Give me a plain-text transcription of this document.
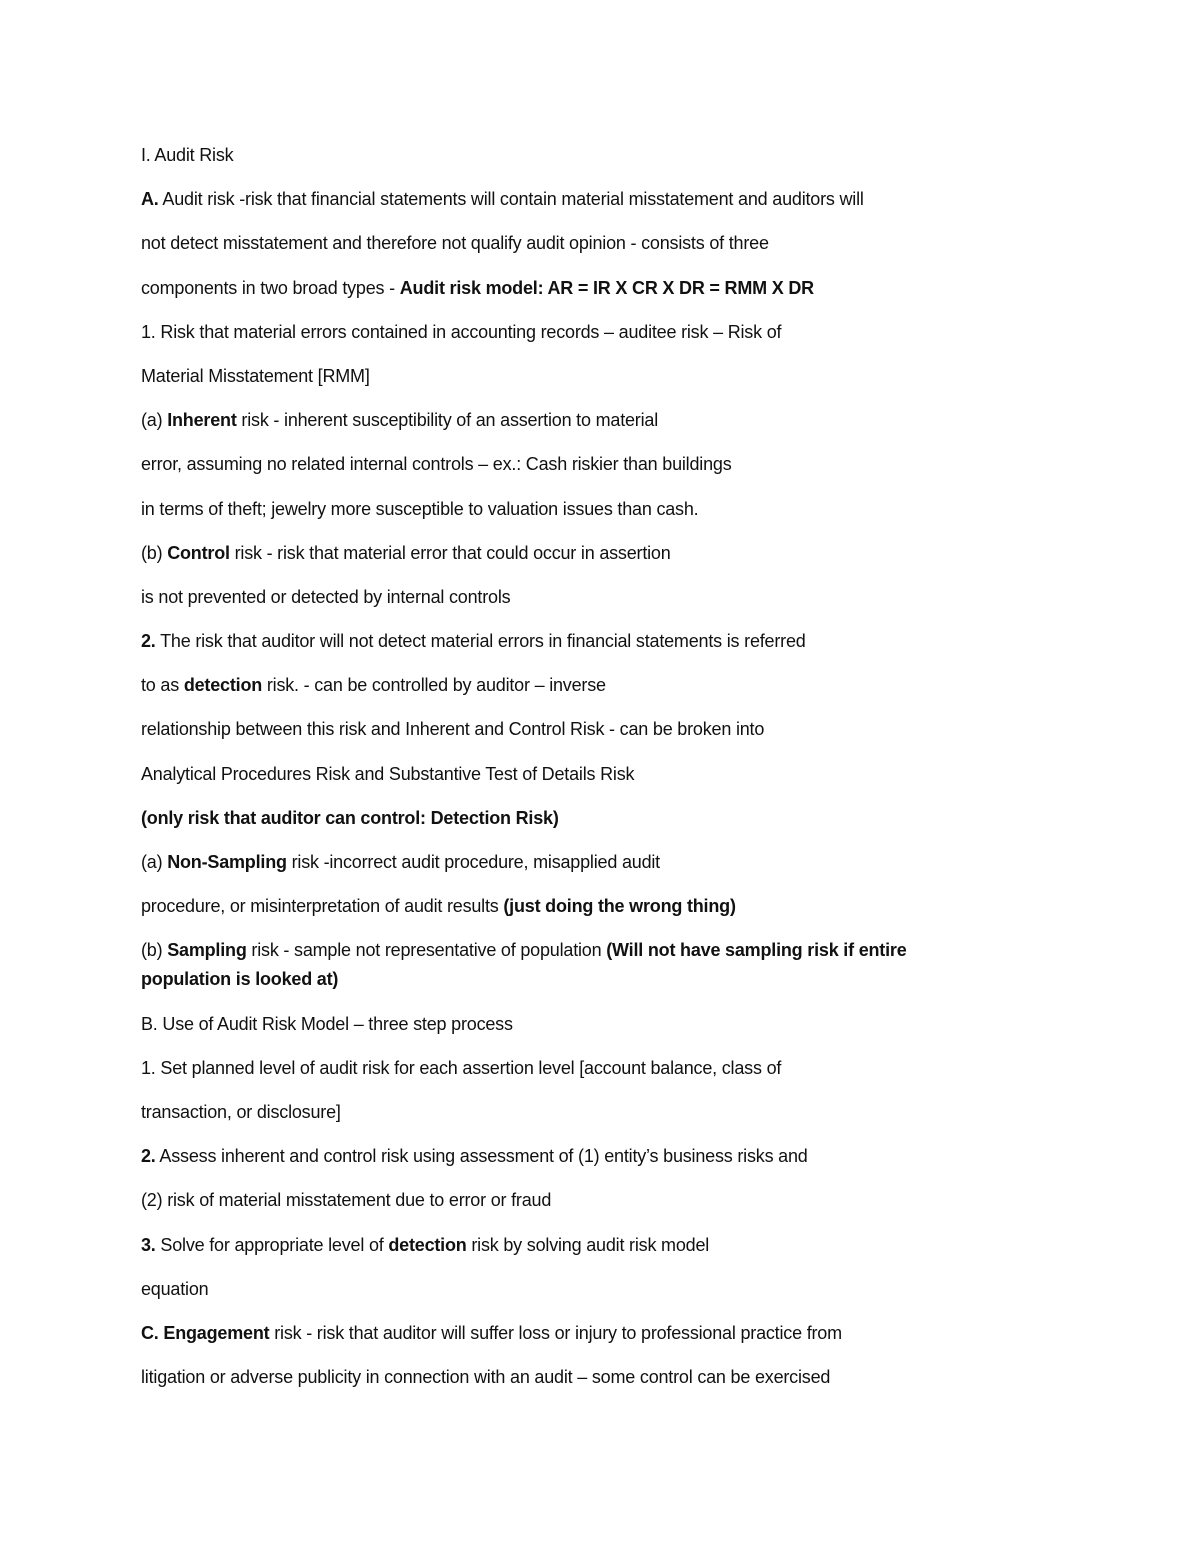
I. Audit Risk
A. Audit risk -risk that financial statements will contain material misstatement and auditors will
not detect misstatement and therefore not qualify audit opinion - consists of three
components in two broad types - Audit risk model: AR = IR X CR X DR = RMM X DR
1. Risk that material errors contained in accounting records – auditee risk – Risk of
Material Misstatement [RMM]
(a) Inherent risk - inherent susceptibility of an assertion to material
error, assuming no related internal controls – ex.: Cash riskier than buildings
in terms of theft; jewelry more susceptible to valuation issues than cash.
(b) Control risk - risk that material error that could occur in assertion
is not prevented or detected by internal controls
2. The risk that auditor will not detect material errors in financial statements is referred
to as detection risk. - can be controlled by auditor – inverse
relationship between this risk and Inherent and Control Risk - can be broken into
Analytical Procedures Risk and Substantive Test of Details Risk
(only risk that auditor can control: Detection Risk)
(a) Non-Sampling risk -incorrect audit procedure, misapplied audit
procedure, or misinterpretation of audit results (just doing the wrong thing)
(b) Sampling risk - sample not representative of population (Will not have sampling risk if entire
population is looked at)
B. Use of Audit Risk Model – three step process
1. Set planned level of audit risk for each assertion level [account balance, class of
transaction, or disclosure]
2. Assess inherent and control risk using assessment of (1) entity’s business risks and
(2) risk of material misstatement due to error or fraud
3. Solve for appropriate level of detection risk by solving audit risk model
equation
C. Engagement risk - risk that auditor will suffer loss or injury to professional practice from
litigation or adverse publicity in connection with an audit – some control can be exercised
